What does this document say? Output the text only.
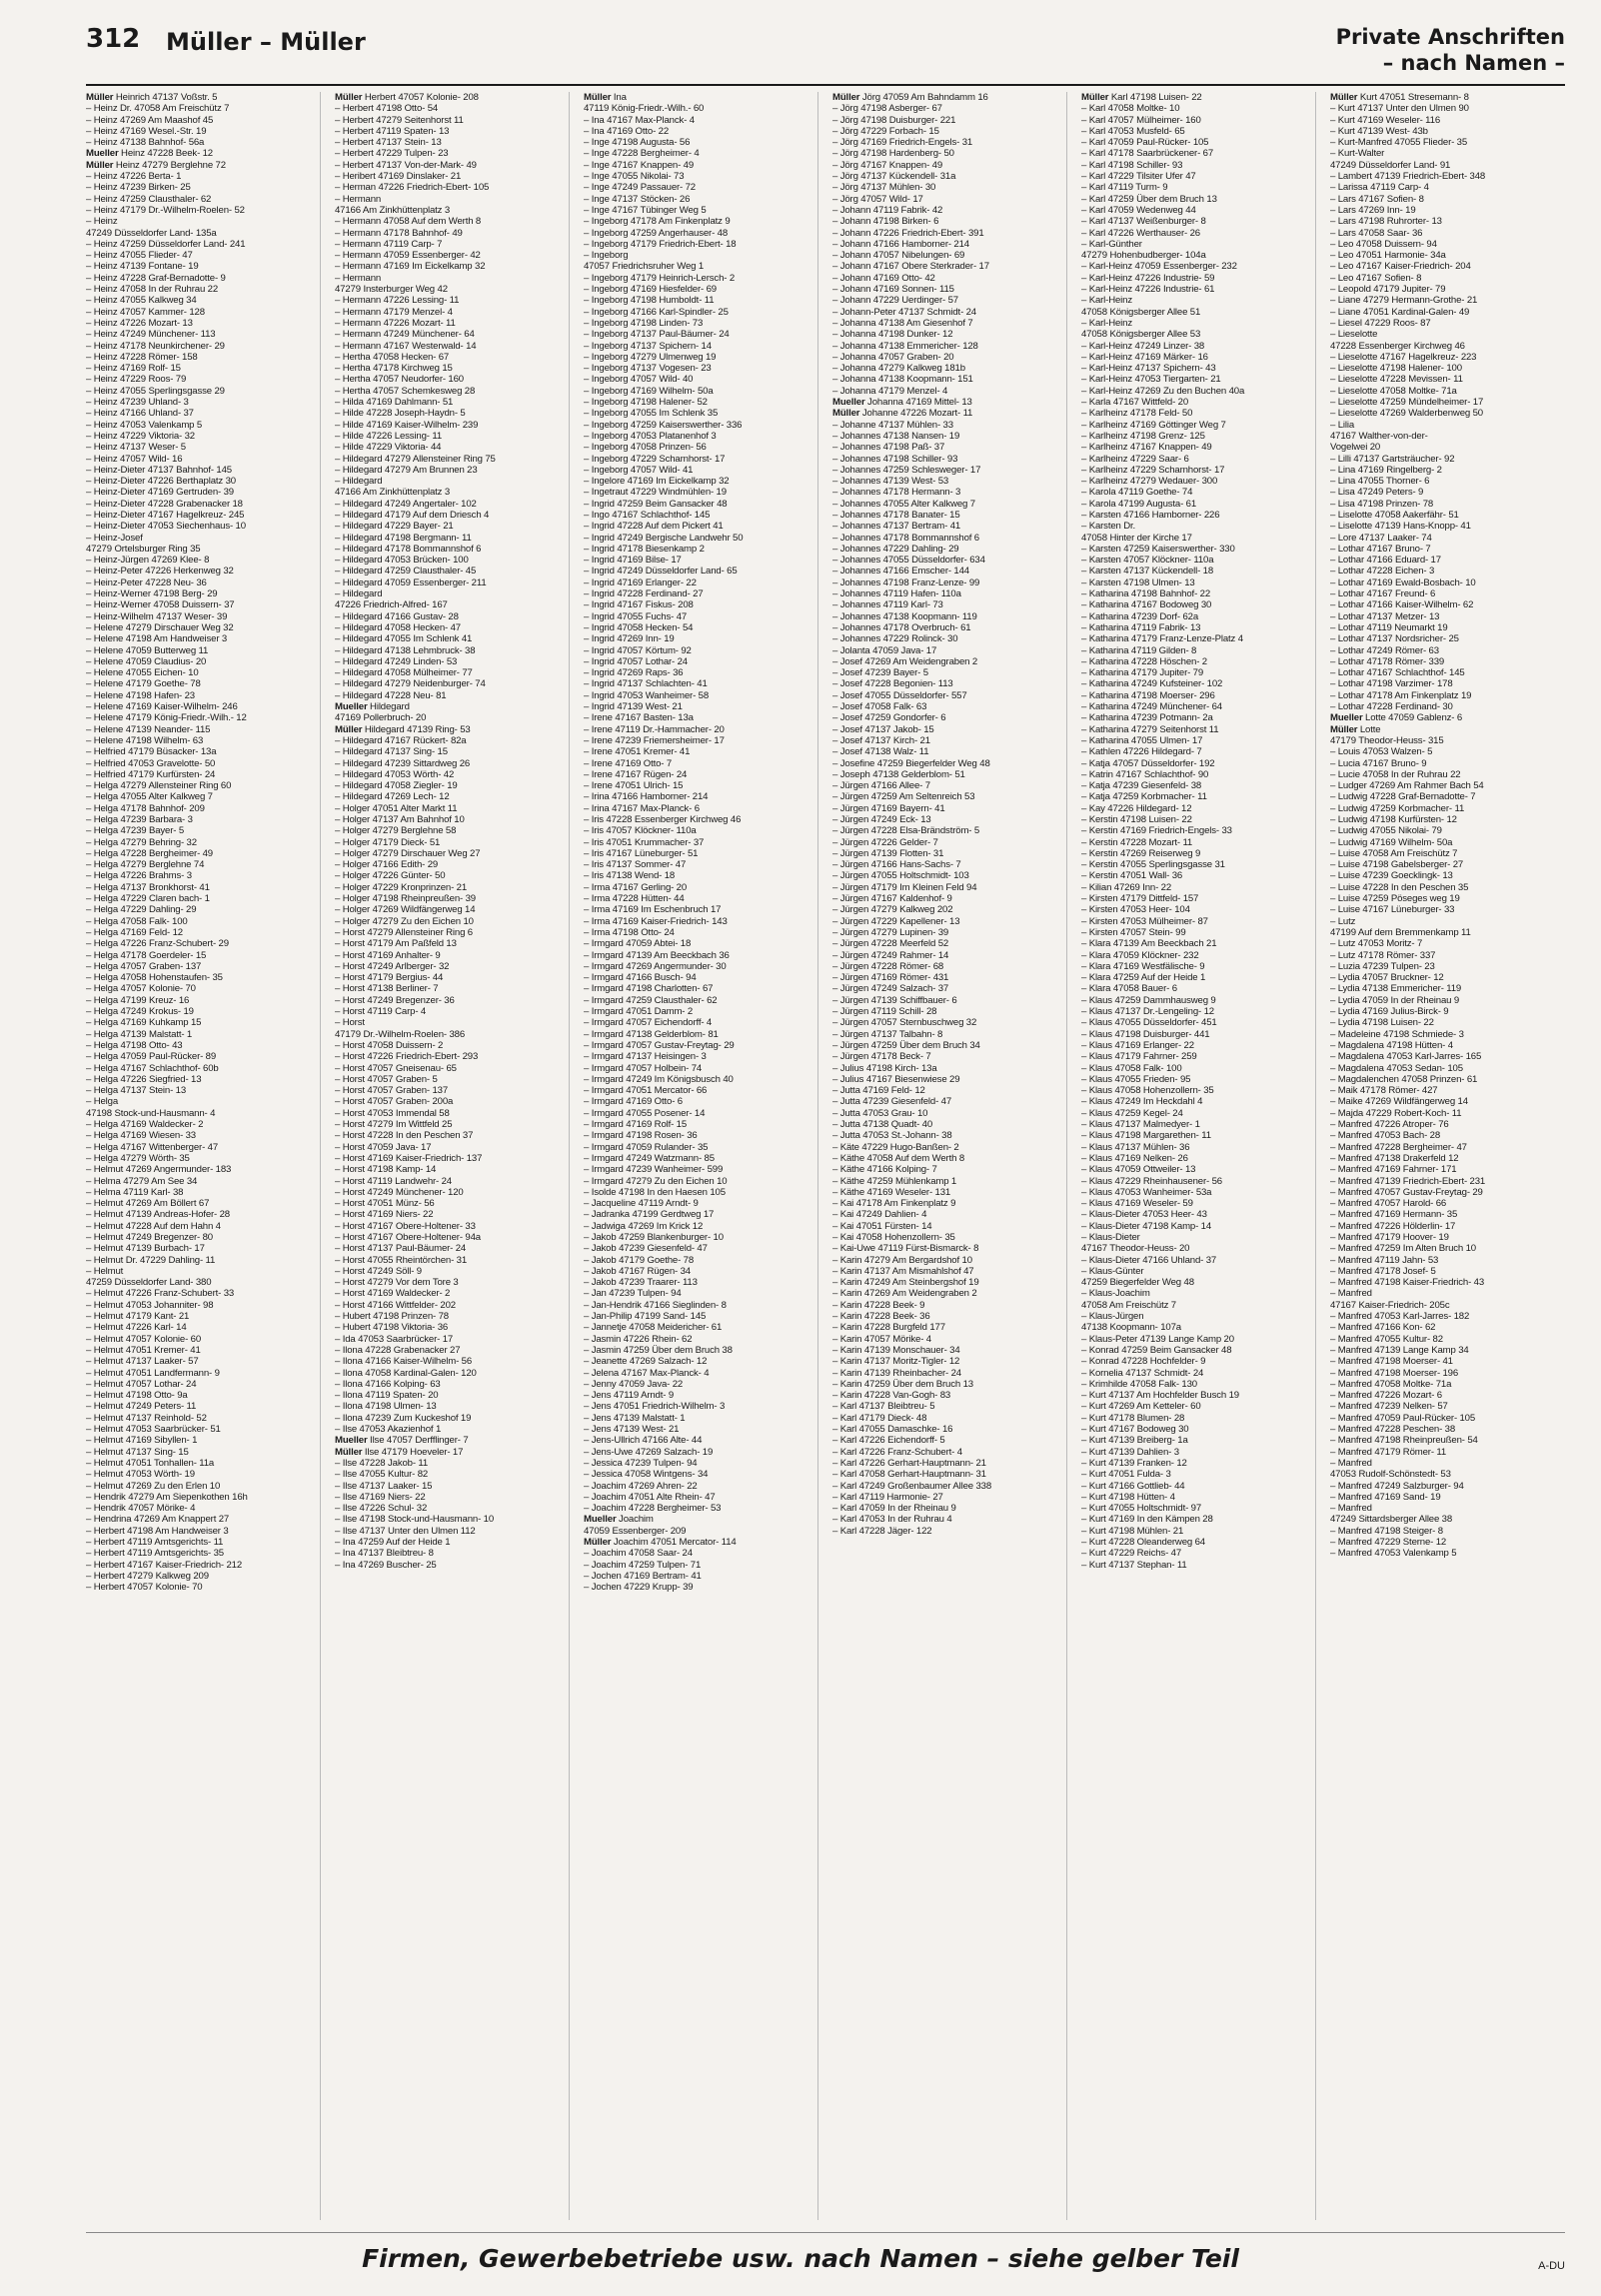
312 Müller – Müller	Private Anschriften
– nach Namen –
Müller Heinrich 47137 Voßstr. 5
– Heinz Dr. 47058 Am Freischütz 7
– Heinz 47269 Am Maashof 45
– Heinz 47169 Wesel.-Str. 19
– Heinz 47138 Bahnhof- 56a
Mueller Heinz 47228 Beek- 12
Müller Heinz 47279 Berglehne 72
– Heinz 47226 Berta- 1
– Heinz 47239 Birken- 25
– Heinz 47259 Clausthaler- 62
– Heinz 47179 Dr.-Wilhelm-Roelen- 52
– Heinz
47249 Düsseldorfer Land- 135a
– Heinz 47259 Düsseldorfer Land- 241
– Heinz 47055 Flieder- 47
– Heinz 47139 Fontane- 19
– Heinz 47228 Graf-Bernadotte- 9
– Heinz 47058 In der Ruhrau 22
– Heinz 47055 Kalkweg 34
– Heinz 47057 Kammer- 128
– Heinz 47226 Mozart- 13
– Heinz 47249 Münchener- 113
– Heinz 47178 Neunkirchener- 29
– Heinz 47228 Römer- 158
– Heinz 47169 Rolf- 15
– Heinz 47229 Roos- 79
– Heinz 47055 Sperlingsgasse 29
– Heinz 47239 Uhland- 3
– Heinz 47166 Uhland- 37
– Heinz 47053 Valenkamp 5
– Heinz 47229 Viktoria- 32
– Heinz 47137 Weser- 5
– Heinz 47057 Wild- 16
– Heinz-Dieter 47137 Bahnhof- 145
– Heinz-Dieter 47226 Berthaplatz 30
– Heinz-Dieter 47169 Gertruden- 39
– Heinz-Dieter 47228 Grabenacker 18
– Heinz-Dieter 47167 Hagelkreuz- 245
– Heinz-Dieter 47053 Siechenhaus- 10
– Heinz-Josef
47279 Ortelsburger Ring 35
– Heinz-Jürgen 47269 Klee- 8
– Heinz-Peter 47226 Herkenweg 32
– Heinz-Peter 47228 Neu- 36
– Heinz-Werner 47198 Berg- 29
– Heinz-Werner 47058 Duissern- 37
– Heinz-Wilhelm 47137 Weser- 39
– Helene 47279 Dirschauer Weg 32
– Helene 47198 Am Handweiser 3
– Helene 47059 Butterweg 11
– Helene 47059 Claudius- 20
– Helene 47055 Eichen- 10
– Helene 47179 Goethe- 78
– Helene 47198 Hafen- 23
– Helene 47169 Kaiser-Wilhelm- 246
– Helene 47179 König-Friedr.-Wilh.- 12
– Helene 47139 Neander- 115
– Helene 47198 Wilhelm- 63
– Helfried 47179 Büsacker- 13a
– Helfried 47053 Gravelotte- 50
– Helfried 47179 Kurfürsten- 24
– Helga 47279 Allensteiner Ring 60
– Helga 47055 Alter Kalkweg 7
– Helga 47178 Bahnhof- 209
– Helga 47239 Barbara- 3
– Helga 47239 Bayer- 5
– Helga 47279 Behring- 32
– Helga 47228 Bergheimer- 49
– Helga 47279 Berglehne 74
– Helga 47226 Brahms- 3
– Helga 47137 Bronkhorst- 41
– Helga 47229 Claren bach- 1
– Helga 47229 Dahling- 29
– Helga 47058 Falk- 100
– Helga 47169 Feld- 12
– Helga 47226 Franz-Schubert- 29
– Helga 47178 Goerdeler- 15
– Helga 47057 Graben- 137
– Helga 47058 Hohenstaufen- 35
– Helga 47057 Kolonie- 70
– Helga 47199 Kreuz- 16
– Helga 47249 Krokus- 19
– Helga 47169 Kuhkamp 15
– Helga 47139 Malstatt- 1
– Helga 47198 Otto- 43
– Helga 47059 Paul-Rücker- 89
– Helga 47167 Schlachthof- 60b
– Helga 47226 Siegfried- 13
– Helga 47137 Stein- 13
– Helga
47198 Stock-und-Hausmann- 4
– Helga 47169 Waldecker- 2
– Helga 47169 Wiesen- 33
– Helga 47167 Wittenberger- 47
– Helga 47279 Wörth- 35
– Helmut 47269 Angermunder- 183
– Helma 47279 Am See 34
– Helma 47119 Karl- 38
– Helmut 47269 Am Böllert 67
– Helmut 47139 Andreas-Hofer- 28
– Helmut 47228 Auf dem Hahn 4
– Helmut 47249 Bregenzer- 80
– Helmut 47139 Burbach- 17
– Helmut Dr. 47229 Dahling- 11
– Helmut
47259 Düsseldorfer Land- 380
– Helmut 47226 Franz-Schubert- 33
– Helmut 47053 Johanniter- 98
– Helmut 47179 Kant- 21
– Helmut 47226 Karl- 14
– Helmut 47057 Kolonie- 60
– Helmut 47051 Kremer- 41
– Helmut 47137 Laaker- 57
– Helmut 47051 Landfermann- 9
– Helmut 47057 Lothar- 24
– Helmut 47198 Otto- 9a
– Helmut 47249 Peters- 11
– Helmut 47137 Reinhold- 52
– Helmut 47053 Saarbrücker- 51
– Helmut 47169 Sibyllen- 1
– Helmut 47137 Sing- 15
– Helmut 47051 Tonhallen- 11a
– Helmut 47053 Wörth- 19
– Helmut 47269 Zu den Erlen 10
– Hendrik 47279 Am Siepenkothen 16h
– Hendrik 47057 Mörike- 4
– Hendrina 47269 Am Knappert 27
– Herbert 47198 Am Handweiser 3
– Herbert 47119 Amtsgerichts- 11
– Herbert 47119 Amtsgerichts- 35
– Herbert 47167 Kaiser-Friedrich- 212
– Herbert 47279 Kalkweg 209
– Herbert 47057 Kolonie- 70
Müller Herbert 47057 Kolonie- 208
– Herbert 47198 Otto- 54
– Herbert 47279 Seitenhorst 11
– Herbert 47119 Spaten- 13
– Herbert 47137 Stein- 13
– Herbert 47229 Tulpen- 23
– Herbert 47137 Von-der-Mark- 49
– Heribert 47169 Dinslaker- 21
– Herman 47226 Friedrich-Ebert- 105
– Hermann
47166 Am Zinkhüttenplatz 3
– Hermann 47058 Auf dem Werth 8
– Hermann 47178 Bahnhof- 49
– Hermann 47119 Carp- 7
– Hermann 47059 Essenberger- 42
– Hermann 47169 Im Eickelkamp 32
– Hermann
47279 Insterburger Weg 42
– Hermann 47226 Lessing- 11
– Hermann 47179 Menzel- 4
– Hermann 47226 Mozart- 11
– Hermann 47249 Münchener- 64
– Hermann 47167 Westerwald- 14
– Hertha 47058 Hecken- 67
– Hertha 47178 Kirchweg 15
– Hertha 47057 Neudorfer- 160
– Hertha 47057 Schemkesweg 28
– Hilda 47169 Dahlmann- 51
– Hilde 47228 Joseph-Haydn- 5
– Hilde 47169 Kaiser-Wilhelm- 239
– Hilde 47226 Lessing- 11
– Hilde 47229 Viktoria- 44
– Hildegard 47279 Allensteiner Ring 75
– Hildegard 47279 Am Brunnen 23
– Hildegard
47166 Am Zinkhüttenplatz 3
– Hildegard 47249 Angertaler- 102
– Hildegard 47179 Auf dem Driesch 4
– Hildegard 47229 Bayer- 21
– Hildegard 47198 Bergmann- 11
– Hildegard 47178 Bommannshof 6
– Hildegard 47053 Brücken- 100
– Hildegard 47259 Clausthaler- 45
– Hildegard 47059 Essenberger- 211
– Hildegard
47226 Friedrich-Alfred- 167
– Hildegard 47166 Gustav- 28
– Hildegard 47058 Hecken- 47
– Hildegard 47055 Im Schlenk 41
– Hildegard 47138 Lehmbruck- 38
– Hildegard 47249 Linden- 53
– Hildegard 47058 Mülheimer- 77
– Hildegard 47279 Neidenburger- 74
– Hildegard 47228 Neu- 81
Mueller Hildegard
47169 Pollerbruch- 20
Müller Hildegard 47139 Ring- 53
– Hildegard 47167 Rückert- 82a
– Hildegard 47137 Sing- 15
– Hildegard 47239 Sittardweg 26
– Hildegard 47053 Wörth- 42
– Hildegard 47058 Ziegler- 19
– Hildegard 47269 Lech- 12
– Holger 47051 Alter Markt 11
– Holger 47137 Am Bahnhof 10
– Holger 47279 Berglehne 58
– Holger 47179 Dieck- 51
– Holger 47279 Dirschauer Weg 27
– Holger 47166 Edith- 29
– Holger 47226 Günter- 50
– Holger 47229 Kronprinzen- 21
– Holger 47198 Rheinpreußen- 39
– Holger 47269 Wildfängerweg 14
– Holger 47279 Zu den Eichen 10
– Horst 47279 Allensteiner Ring 6
– Horst 47179 Am Paßfeld 13
– Horst 47169 Anhalter- 9
– Horst 47249 Arlberger- 32
– Horst 47179 Bergius- 44
– Horst 47138 Berliner- 7
– Horst 47249 Bregenzer- 36
– Horst 47119 Carp- 4
– Horst
47179 Dr.-Wilhelm-Roelen- 386
– Horst 47058 Duissern- 2
– Horst 47226 Friedrich-Ebert- 293
– Horst 47057 Gneisenau- 65
– Horst 47057 Graben- 5
– Horst 47057 Graben- 137
– Horst 47057 Graben- 200a
– Horst 47053 Immendal 58
– Horst 47279 Im Wittfeld 25
– Horst 47228 In den Peschen 37
– Horst 47059 Java- 17
– Horst 47169 Kaiser-Friedrich- 137
– Horst 47198 Kamp- 14
– Horst 47119 Landwehr- 24
– Horst 47249 Münchener- 120
– Horst 47051 Münz- 56
– Horst 47169 Niers- 22
– Horst 47167 Obere-Holtener- 33
– Horst 47167 Obere-Holtener- 94a
– Horst 47137 Paul-Bäumer- 24
– Horst 47055 Rheintörchen- 31
– Horst 47249 Söll- 9
– Horst 47279 Vor dem Tore 3
– Horst 47169 Waldecker- 2
– Horst 47166 Wittfelder- 202
– Hubert 47198 Prinzen- 78
– Hubert 47198 Viktoria- 36
– Ida 47053 Saarbrücker- 17
– Ilona 47228 Grabenacker 27
– Ilona 47166 Kaiser-Wilhelm- 56
– Ilona 47058 Kardinal-Galen- 120
– Ilona 47166 Kolping- 63
– Ilona 47119 Spaten- 20
– Ilona 47198 Ulmen- 13
– Ilona 47239 Zum Kuckeshof 19
– Ilse 47053 Akazienhof 1
Mueller Ilse 47057 Derfflinger- 7
Müller Ilse 47179 Hoeveler- 17
– Ilse 47228 Jakob- 11
– Ilse 47055 Kultur- 82
– Ilse 47137 Laaker- 15
– Ilse 47169 Niers- 22
– Ilse 47226 Schul- 32
– Ilse 47198 Stock-und-Hausmann- 10
– Ilse 47137 Unter den Ulmen 112
– Ina 47259 Auf der Heide 1
– Ina 47137 Bleibtreu- 8
– Ina 47269 Buscher- 25
Müller Ina
47119 König-Friedr.-Wilh.- 60
– Ina 47167 Max-Planck- 4
– Ina 47169 Otto- 22
– Inge 47198 Augusta- 56
– Inge 47228 Bergheimer- 4
– Inge 47167 Knappen- 49
– Inge 47055 Nikolai- 73
– Inge 47249 Passauer- 72
– Inge 47137 Stöcken- 26
– Inge 47167 Tübinger Weg 5
– Ingeborg 47178 Am Finkenplatz 9
– Ingeborg 47259 Angerhauser- 48
– Ingeborg 47179 Friedrich-Ebert- 18
– Ingeborg
47057 Friedrichsruher Weg 1
– Ingeborg 47179 Heinrich-Lersch- 2
– Ingeborg 47169 Hiesfelder- 69
– Ingeborg 47198 Humboldt- 11
– Ingeborg 47166 Karl-Spindler- 25
– Ingeborg 47198 Linden- 73
– Ingeborg 47137 Paul-Bäumer- 24
– Ingeborg 47137 Spichern- 14
– Ingeborg 47279 Ulmenweg 19
– Ingeborg 47137 Vogesen- 23
– Ingeborg 47057 Wild- 40
– Ingeborg 47169 Wilhelm- 50a
– Ingeborg 47198 Halener- 52
– Ingeborg 47055 Im Schlenk 35
– Ingeborg 47259 Kaiserswerther- 336
– Ingeborg 47053 Platanenhof 3
– Ingeborg 47058 Prinzen- 56
– Ingeborg 47229 Scharnhorst- 17
– Ingeborg 47057 Wild- 41
– Ingelore 47169 Im Eickelkamp 32
– Ingetraut 47229 Windmühlen- 19
– Ingrid 47259 Beim Gansacker 48
– Ingo 47167 Schlachthof- 145
– Ingrid 47228 Auf dem Pickert 41
– Ingrid 47249 Bergische Landwehr 50
– Ingrid 47178 Biesenkamp 2
– Ingrid 47169 Bilse- 17
– Ingrid 47249 Düsseldorfer Land- 65
– Ingrid 47169 Erlanger- 22
– Ingrid 47228 Ferdinand- 27
– Ingrid 47167 Fiskus- 208
– Ingrid 47055 Fuchs- 47
– Ingrid 47058 Hecken- 54
– Ingrid 47269 Inn- 19
– Ingrid 47057 Körtum- 92
– Ingrid 47057 Lothar- 24
– Ingrid 47269 Raps- 36
– Ingrid 47137 Schlachten- 41
– Ingrid 47053 Wanheimer- 58
– Ingrid 47139 West- 21
– Irene 47167 Basten- 13a
– Irene 47119 Dr.-Hammacher- 20
– Irene 47239 Friemersheimer- 17
– Irene 47051 Kremer- 41
– Irene 47169 Otto- 7
– Irene 47167 Rügen- 24
– Irene 47051 Ulrich- 15
– Irina 47166 Hamborner- 214
– Irina 47167 Max-Planck- 6
– Iris 47228 Essenberger Kirchweg 46
– Iris 47057 Klöckner- 110a
– Iris 47051 Krummacher- 37
– Iris 47167 Lüneburger- 51
– Iris 47137 Sommer- 47
– Iris 47138 Wend- 18
– Irma 47167 Gerling- 20
– Irma 47228 Hütten- 44
– Irma 47169 Im Eschenbruch 17
– Irma 47169 Kaiser-Friedrich- 143
– Irma 47198 Otto- 24
– Irmgard 47059 Abtei- 18
– Irmgard 47139 Am Beeckbach 36
– Irmgard 47269 Angermunder- 30
– Irmgard 47166 Busch- 94
– Irmgard 47198 Charlotten- 67
– Irmgard 47259 Clausthaler- 62
– Irmgard 47051 Damm- 2
– Irmgard 47057 Eichendorff- 4
– Irmgard 47138 Gelderblom- 81
– Irmgard 47057 Gustav-Freytag- 29
– Irmgard 47137 Heisingen- 3
– Irmgard 47057 Holbein- 74
– Irmgard 47249 Im Königsbusch 40
– Irmgard 47051 Mercator- 66
– Irmgard 47169 Otto- 6
– Irmgard 47055 Posener- 14
– Irmgard 47169 Rolf- 15
– Irmgard 47198 Rosen- 36
– Irmgard 47059 Rulander- 35
– Irmgard 47249 Watzmann- 85
– Irmgard 47239 Wanheimer- 599
– Irmgard 47279 Zu den Eichen 10
– Isolde 47198 In den Haesen 105
– Jacqueline 47119 Arndt- 9
– Jadranka 47199 Gerdtweg 17
– Jadwiga 47269 Im Krick 12
– Jakob 47259 Blankenburger- 10
– Jakob 47239 Giesenfeld- 47
– Jakob 47179 Goethe- 78
– Jakob 47167 Rügen- 34
– Jakob 47239 Traarer- 113
– Jan 47239 Tulpen- 94
– Jan-Hendrik 47166 Sieglinden- 8
– Jan-Philip 47199 Sand- 145
– Jannetje 47058 Meidericher- 61
– Jasmin 47226 Rhein- 62
– Jasmin 47259 Über dem Bruch 38
– Jeanette 47269 Salzach- 12
– Jelena 47167 Max-Planck- 4
– Jenny 47059 Java- 22
– Jens 47119 Arndt- 9
– Jens 47051 Friedrich-Wilhelm- 3
– Jens 47139 Malstatt- 1
– Jens 47139 West- 21
– Jens-Ullrich 47166 Alte- 44
– Jens-Uwe 47269 Salzach- 19
– Jessica 47239 Tulpen- 94
– Jessica 47058 Wintgens- 34
– Joachim 47269 Ahren- 22
– Joachim 47051 Alte Rhein- 47
– Joachim 47228 Bergheimer- 53
Mueller Joachim
47059 Essenberger- 209
Müller Joachim 47051 Mercator- 114
– Joachim 47058 Saar- 24
– Joachim 47259 Tulpen- 71
– Jochen 47169 Bertram- 41
– Jochen 47229 Krupp- 39
Müller Jörg 47059 Am Bahndamm 16
– Jörg 47198 Asberger- 67
– Jörg 47198 Duisburger- 221
– Jörg 47229 Forbach- 15
– Jörg 47169 Friedrich-Engels- 31
– Jörg 47198 Hardenberg- 50
– Jörg 47167 Knappen- 49
– Jörg 47137 Kückendell- 31a
– Jörg 47137 Mühlen- 30
– Jörg 47057 Wild- 17
– Johann 47119 Fabrik- 42
– Johann 47198 Birken- 6
– Johann 47226 Friedrich-Ebert- 391
– Johann 47166 Hamborner- 214
– Johann 47057 Nibelungen- 69
– Johann 47167 Obere Sterkrader- 17
– Johann 47169 Otto- 42
– Johann 47169 Sonnen- 115
– Johann 47229 Uerdinger- 57
– Johann-Peter 47137 Schmidt- 24
– Johanna 47138 Am Giesenhof 7
– Johanna 47198 Dunker- 12
– Johanna 47138 Emmericher- 128
– Johanna 47057 Graben- 20
– Johanna 47279 Kalkweg 181b
– Johanna 47138 Koopmann- 151
– Johanna 47179 Menzel- 4
Mueller Johanna 47169 Mittel- 13
Müller Johanne 47226 Mozart- 11
– Johanne 47137 Mühlen- 33
– Johannes 47138 Nansen- 19
– Johannes 47198 Paß- 37
– Johannes 47198 Schiller- 93
– Johannes 47259 Schlesweger- 17
– Johannes 47139 West- 53
– Johannes 47178 Hermann- 3
– Johannes 47055 Alter Kalkweg 7
– Johannes 47178 Banater- 15
– Johannes 47137 Bertram- 41
– Johannes 47178 Bommannshof 6
– Johannes 47229 Dahling- 29
– Johannes 47055 Düsseldorfer- 634
– Johannes 47166 Emscher- 144
– Johannes 47198 Franz-Lenze- 99
– Johannes 47119 Hafen- 110a
– Johannes 47119 Karl- 73
– Johannes 47138 Koopmann- 119
– Johannes 47178 Overbruch- 61
– Johannes 47229 Rolinck- 30
– Jolanta 47059 Java- 17
– Josef 47269 Am Weidengraben 2
– Josef 47239 Bayer- 5
– Josef 47228 Begonien- 113
– Josef 47055 Düsseldorfer- 557
– Josef 47058 Falk- 63
– Josef 47259 Gondorfer- 6
– Josef 47137 Jakob- 15
– Josef 47137 Kirch- 21
– Josef 47138 Walz- 11
– Josefine 47259 Biegerfelder Weg 48
– Joseph 47138 Gelderblom- 51
– Jürgen 47166 Allee- 7
– Jürgen 47259 Am Seltenreich 53
– Jürgen 47169 Bayern- 41
– Jürgen 47249 Eck- 13
– Jürgen 47228 Elsa-Brändström- 5
– Jürgen 47226 Gelder- 7
– Jürgen 47139 Flotten- 31
– Jürgen 47166 Hans-Sachs- 7
– Jürgen 47055 Holtschmidt- 103
– Jürgen 47179 Im Kleinen Feld 94
– Jürgen 47167 Kaldenhof- 9
– Jürgen 47279 Kalkweg 202
– Jürgen 47229 Kapellener- 13
– Jürgen 47279 Lupinen- 39
– Jürgen 47228 Meerfeld 52
– Jürgen 47249 Rahmer- 14
– Jürgen 47228 Römer- 68
– Jürgen 47169 Römer- 431
– Jürgen 47249 Salzach- 37
– Jürgen 47139 Schiffbauer- 6
– Jürgen 47119 Schill- 28
– Jürgen 47057 Sternbuschweg 32
– Jürgen 47137 Talbahn- 8
– Jürgen 47259 Über dem Bruch 34
– Jürgen 47178 Beck- 7
– Julius 47198 Kirch- 13a
– Julius 47167 Biesenwiese 29
– Jutta 47169 Feld- 12
– Jutta 47239 Giesenfeld- 47
– Jutta 47053 Grau- 10
– Jutta 47138 Quadt- 40
– Jutta 47053 St.-Johann- 38
– Käte 47229 Hugo-Banßen- 2
– Käthe 47058 Auf dem Werth 8
– Käthe 47166 Kolping- 7
– Käthe 47259 Mühlenkamp 1
– Käthe 47169 Weseler- 131
– Kai 47178 Am Finkenplatz 9
– Kai 47249 Dahlien- 4
– Kai 47051 Fürsten- 14
– Kai 47058 Hohenzollern- 35
– Kai-Uwe 47119 Fürst-Bismarck- 8
– Karin 47279 Am Bergardshof 10
– Karin 47137 Am Mismahlshof 47
– Karin 47249 Am Steinbergshof 19
– Karin 47269 Am Weidengraben 2
– Karin 47228 Beek- 9
– Karin 47228 Beek- 36
– Karin 47228 Burgfeld 177
– Karin 47057 Mörike- 4
– Karin 47139 Monschauer- 34
– Karin 47137 Moritz-Tigler- 12
– Karin 47139 Rheinbacher- 24
– Karin 47259 Über dem Bruch 13
– Karin 47228 Van-Gogh- 83
– Karl 47137 Bleibtreu- 5
– Karl 47179 Dieck- 48
– Karl 47055 Damaschke- 16
– Karl 47226 Eichendorff- 5
– Karl 47226 Franz-Schubert- 4
– Karl 47226 Gerhart-Hauptmann- 21
– Karl 47058 Gerhart-Hauptmann- 31
– Karl 47249 Großenbaumer Allee 338
– Karl 47119 Harmonie- 27
– Karl 47059 In der Rheinau 9
– Karl 47053 In der Ruhrau 4
– Karl 47228 Jäger- 122
Müller Karl 47198 Luisen- 22
– Karl 47058 Moltke- 10
– Karl 47057 Mülheimer- 160
– Karl 47053 Musfeld- 65
– Karl 47059 Paul-Rücker- 105
– Karl 47178 Saarbrückener- 67
– Karl 47198 Schiller- 93
– Karl 47229 Tilsiter Ufer 47
– Karl 47119 Turm- 9
– Karl 47259 Über dem Bruch 13
– Karl 47059 Wedenweg 44
– Karl 47137 Weißenburger- 8
– Karl 47226 Werthauser- 26
– Karl-Günther
47279 Hohenbudberger- 104a
– Karl-Heinz 47059 Essenberger- 232
– Karl-Heinz 47226 Industrie- 59
– Karl-Heinz 47226 Industrie- 61
– Karl-Heinz
47058 Königsberger Allee 51
– Karl-Heinz
47058 Königsberger Allee 53
– Karl-Heinz 47249 Linzer- 38
– Karl-Heinz 47169 Märker- 16
– Karl-Heinz 47137 Spichern- 43
– Karl-Heinz 47053 Tiergarten- 21
– Karl-Heinz 47269 Zu den Buchen 40a
– Karla 47167 Wittfeld- 20
– Karlheinz 47178 Feld- 50
– Karlheinz 47169 Göttinger Weg 7
– Karlheinz 47198 Grenz- 125
– Karlheinz 47167 Knappen- 49
– Karlheinz 47229 Saar- 6
– Karlheinz 47229 Scharnhorst- 17
– Karlheinz 47279 Wedauer- 300
– Karola 47119 Goethe- 74
– Karola 47199 Augusta- 61
– Karsten 47166 Hamborner- 226
– Karsten Dr.
47058 Hinter der Kirche 17
– Karsten 47259 Kaiserswerther- 330
– Karsten 47057 Klöckner- 110a
– Karsten 47137 Kückendell- 18
– Karsten 47198 Ulmen- 13
– Katharina 47198 Bahnhof- 22
– Katharina 47167 Bodoweg 30
– Katharina 47239 Dorf- 62a
– Katharina 47119 Fabrik- 13
– Katharina 47179 Franz-Lenze-Platz 4
– Katharina 47119 Gilden- 8
– Katharina 47228 Höschen- 2
– Katharina 47179 Jupiter- 79
– Katharina 47249 Kufsteiner- 102
– Katharina 47198 Moerser- 296
– Katharina 47249 Münchener- 64
– Katharina 47239 Potmann- 2a
– Katharina 47279 Seitenhorst 11
– Katharina 47055 Ulmen- 17
– Kathlen 47226 Hildegard- 7
– Katja 47057 Düsseldorfer- 192
– Katrin 47167 Schlachthof- 90
– Katja 47239 Giesenfeld- 38
– Katja 47259 Korbmacher- 11
– Kay 47226 Hildegard- 12
– Kerstin 47198 Luisen- 22
– Kerstin 47169 Friedrich-Engels- 33
– Kerstin 47228 Mozart- 11
– Kerstin 47269 Reiserweg 9
– Kerstin 47055 Sperlingsgasse 31
– Kerstin 47051 Wall- 36
– Kilian 47269 Inn- 22
– Kirsten 47179 Dittfeld- 157
– Kirsten 47053 Heer- 104
– Kirsten 47053 Mülheimer- 87
– Kirsten 47057 Stein- 99
– Klara 47139 Am Beeckbach 21
– Klara 47059 Klöckner- 232
– Klara 47169 Westfälische- 9
– Klara 47259 Auf der Heide 1
– Klara 47058 Bauer- 6
– Klaus 47259 Dammhausweg 9
– Klaus 47137 Dr.-Lengeling- 12
– Klaus 47055 Düsseldorfer- 451
– Klaus 47198 Duisburger- 441
– Klaus 47169 Erlanger- 22
– Klaus 47179 Fahrner- 259
– Klaus 47058 Falk- 100
– Klaus 47055 Frieden- 95
– Klaus 47058 Hohenzollern- 35
– Klaus 47249 Im Heckdahl 4
– Klaus 47259 Kegel- 24
– Klaus 47137 Malmedyer- 1
– Klaus 47198 Margarethen- 11
– Klaus 47137 Mühlen- 36
– Klaus 47169 Nelken- 26
– Klaus 47059 Ottweiler- 13
– Klaus 47229 Rheinhausener- 56
– Klaus 47053 Wanheimer- 53a
– Klaus 47169 Weseler- 59
– Klaus-Dieter 47053 Heer- 43
– Klaus-Dieter 47198 Kamp- 14
– Klaus-Dieter
47167 Theodor-Heuss- 20
– Klaus-Dieter 47166 Uhland- 37
– Klaus-Günter
47259 Biegerfelder Weg 48
– Klaus-Joachim
47058 Am Freischütz 7
– Klaus-Jürgen
47138 Koopmann- 107a
– Klaus-Peter 47139 Lange Kamp 20
– Konrad 47259 Beim Gansacker 48
– Konrad 47228 Hochfelder- 9
– Kornelia 47137 Schmidt- 24
– Krimhilde 47058 Falk- 130
– Kurt 47137 Am Hochfelder Busch 19
– Kurt 47269 Am Ketteler- 60
– Kurt 47178 Blumen- 28
– Kurt 47167 Bodoweg 30
– Kurt 47139 Breiberg- 1a
– Kurt 47139 Dahlien- 3
– Kurt 47139 Franken- 12
– Kurt 47051 Fulda- 3
– Kurt 47166 Gottlieb- 44
– Kurt 47198 Hütten- 4
– Kurt 47055 Holtschmidt- 97
– Kurt 47169 In den Kämpen 28
– Kurt 47198 Mühlen- 21
– Kurt 47228 Oleanderweg 64
– Kurt 47229 Reichs- 47
– Kurt 47137 Stephan- 11
Müller Kurt 47051 Stresemann- 8
– Kurt 47137 Unter den Ulmen 90
– Kurt 47169 Weseler- 116
– Kurt 47139 West- 43b
– Kurt-Manfred 47055 Flieder- 35
– Kurt-Walter
47249 Düsseldorfer Land- 91
– Lambert 47139 Friedrich-Ebert- 348
– Larissa 47119 Carp- 4
– Lars 47167 Sofien- 8
– Lars 47269 Inn- 19
– Lars 47198 Ruhrorter- 13
– Lars 47058 Saar- 36
– Leo 47058 Duissern- 94
– Leo 47051 Harmonie- 34a
– Leo 47167 Kaiser-Friedrich- 204
– Leo 47167 Sofien- 8
– Leopold 47179 Jupiter- 79
– Liane 47279 Hermann-Grothe- 21
– Liane 47051 Kardinal-Galen- 49
– Liesel 47229 Roos- 87
– Lieselotte
47228 Essenberger Kirchweg 46
– Lieselotte 47167 Hagelkreuz- 223
– Lieselotte 47198 Halener- 100
– Lieselotte 47228 Mevissen- 11
– Lieselotte 47058 Moltke- 71a
– Lieselotte 47259 Mündelheimer- 17
– Lieselotte 47269 Walderbenweg 50
– Lilia
47167 Walther-von-der-
Vogelwei 20
– Lilli 47137 Gartsträucher- 92
– Lina 47169 Ringelberg- 2
– Lina 47055 Thorner- 6
– Lisa 47249 Peters- 9
– Lisa 47198 Prinzen- 78
– Liselotte 47058 Aakerfähr- 51
– Liselotte 47139 Hans-Knopp- 41
– Lore 47137 Laaker- 74
– Lothar 47167 Bruno- 7
– Lothar 47166 Eduard- 17
– Lothar 47228 Eichen- 3
– Lothar 47169 Ewald-Bosbach- 10
– Lothar 47167 Freund- 6
– Lothar 47166 Kaiser-Wilhelm- 62
– Lothar 47137 Metzer- 13
– Lothar 47119 Neumarkt 19
– Lothar 47137 Nordsricher- 25
– Lothar 47249 Römer- 63
– Lothar 47178 Römer- 339
– Lothar 47167 Schlachthof- 145
– Lothar 47198 Varzimer- 178
– Lothar 47178 Am Finkenplatz 19
– Lothar 47228 Ferdinand- 30
Mueller Lotte 47059 Gablenz- 6
Müller Lotte
47179 Theodor-Heuss- 315
– Louis 47053 Walzen- 5
– Lucia 47167 Bruno- 9
– Lucie 47058 In der Ruhrau 22
– Ludger 47269 Am Rahmer Bach 54
– Ludwig 47228 Graf-Bernadotte- 7
– Ludwig 47259 Korbmacher- 11
– Ludwig 47198 Kurfürsten- 12
– Ludwig 47055 Nikolai- 79
– Ludwig 47169 Wilhelm- 50a
– Luise 47058 Am Freischütz 7
– Luise 47198 Gabelsberger- 27
– Luise 47239 Goecklingk- 13
– Luise 47228 In den Peschen 35
– Luise 47259 Pöseges weg 19
– Luise 47167 Lüneburger- 33
– Lutz
47199 Auf dem Bremmenkamp 11
– Lutz 47053 Moritz- 7
– Lutz 47178 Römer- 337
– Luzia 47239 Tulpen- 23
– Lydia 47057 Bruckner- 12
– Lydia 47138 Emmericher- 119
– Lydia 47059 In der Rheinau 9
– Lydia 47169 Julius-Birck- 9
– Lydia 47198 Luisen- 22
– Madeleine 47198 Schmiede- 3
– Magdalena 47198 Hütten- 4
– Magdalena 47053 Karl-Jarres- 165
– Magdalena 47053 Sedan- 105
– Magdalenchen 47058 Prinzen- 61
– Maik 47178 Römer- 427
– Maike 47269 Wildfängerweg 14
– Majda 47229 Robert-Koch- 11
– Manfred 47226 Atroper- 76
– Manfred 47053 Bach- 28
– Manfred 47228 Bergheimer- 47
– Manfred 47138 Drakerfeld 12
– Manfred 47169 Fahrner- 171
– Manfred 47139 Friedrich-Ebert- 231
– Manfred 47057 Gustav-Freytag- 29
– Manfred 47057 Harold- 66
– Manfred 47169 Hermann- 35
– Manfred 47226 Hölderlin- 17
– Manfred 47179 Hoover- 19
– Manfred 47259 Im Alten Bruch 10
– Manfred 47119 Jahn- 53
– Manfred 47178 Josef- 5
– Manfred 47198 Kaiser-Friedrich- 43
– Manfred
47167 Kaiser-Friedrich- 205c
– Manfred 47053 Karl-Jarres- 182
– Manfred 47166 Kon- 62
– Manfred 47055 Kultur- 82
– Manfred 47139 Lange Kamp 34
– Manfred 47198 Moerser- 41
– Manfred 47198 Moerser- 196
– Manfred 47058 Moltke- 71a
– Manfred 47226 Mozart- 6
– Manfred 47239 Nelken- 57
– Manfred 47059 Paul-Rücker- 105
– Manfred 47228 Peschen- 38
– Manfred 47198 Rheinpreußen- 54
– Manfred 47179 Römer- 11
– Manfred
47053 Rudolf-Schönstedt- 53
– Manfred 47249 Salzburger- 94
– Manfred 47169 Sand- 19
– Manfred
47249 Sittardsberger Allee 38
– Manfred 47198 Steiger- 8
– Manfred 47229 Sterne- 12
– Manfred 47053 Valenkamp 5
Firmen, Gewerbebetriebe usw. nach Namen – siehe gelber Teil	A-DU
